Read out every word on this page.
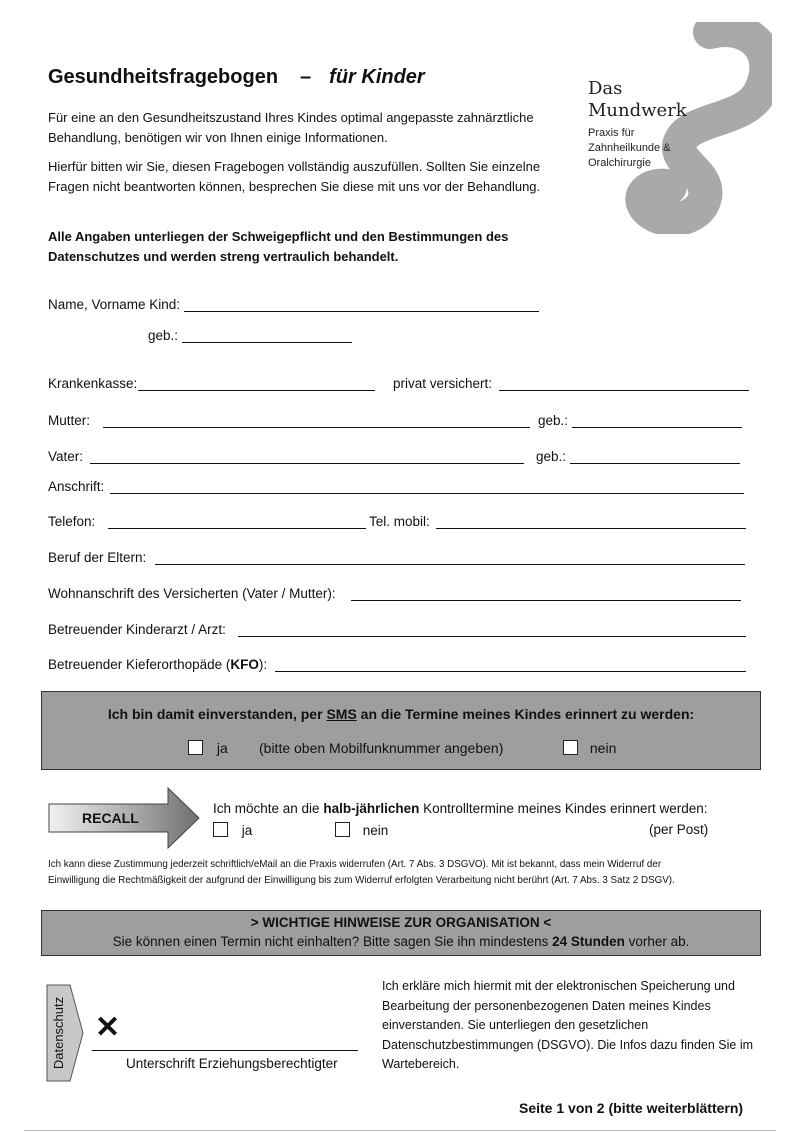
Gesundheitsfragebogen – für Kinder
Das
Mundwerk
Praxis für
Zahnheilkunde &
Oralchirurgie
Für eine an den Gesundheitszustand Ihres Kindes optimal angepasste zahnärztliche Behandlung, benötigen wir von Ihnen einige Informationen.
Hierfür bitten wir Sie, diesen Fragebogen vollständig auszufüllen. Sollten Sie einzelne Fragen nicht beantworten können, besprechen Sie diese mit uns vor der Behandlung.
Alle Angaben unterliegen der Schweigepflicht und den Bestimmungen des Datenschutzes und werden streng vertraulich behandelt.
Name, Vorname Kind:
geb.:
Krankenkasse:	privat versichert:
Mutter:	geb.:
Vater:	geb.:
Anschrift:
Telefon:	Tel. mobil:
Beruf der Eltern:
Wohnanschrift des Versicherten (Vater / Mutter):
Betreuender Kinderarzt / Arzt:
Betreuender Kieferorthopäde (KFO):
Ich bin damit einverstanden, per SMS an die Termine meines Kindes erinnert zu werden:
ja (bitte oben Mobilfunknummer angeben)	nein
RECALL
Ich möchte an die halb-jährlichen Kontrolltermine meines Kindes erinnert werden:
ja	nein	(per Post)
Ich kann diese Zustimmung jederzeit schriftlich/eMail an die Praxis widerrufen (Art. 7 Abs. 3 DSGVO). Mit ist bekannt, dass mein Widerruf der
Einwilligung die Rechtmäßigkeit der aufgrund der Einwilligung bis zum Widerruf erfolgten Verarbeitung nicht berührt (Art. 7 Abs. 3 Satz 2 DSGV).
> WICHTIGE HINWEISE ZUR ORGANISATION <
Sie können einen Termin nicht einhalten? Bitte sagen Sie ihn mindestens 24 Stunden vorher ab.
Datenschutz ✕
Unterschrift Erziehungsberechtigter
Ich erkläre mich hiermit mit der elektronischen Speicherung und Bearbeitung der personenbezogenen Daten meines Kindes einverstanden. Sie unterliegen den gesetzlichen Datenschutzbestimmungen (DSGVO). Die Infos dazu finden Sie im Wartebereich.
Seite 1 von 2 (bitte weiterblättern)
